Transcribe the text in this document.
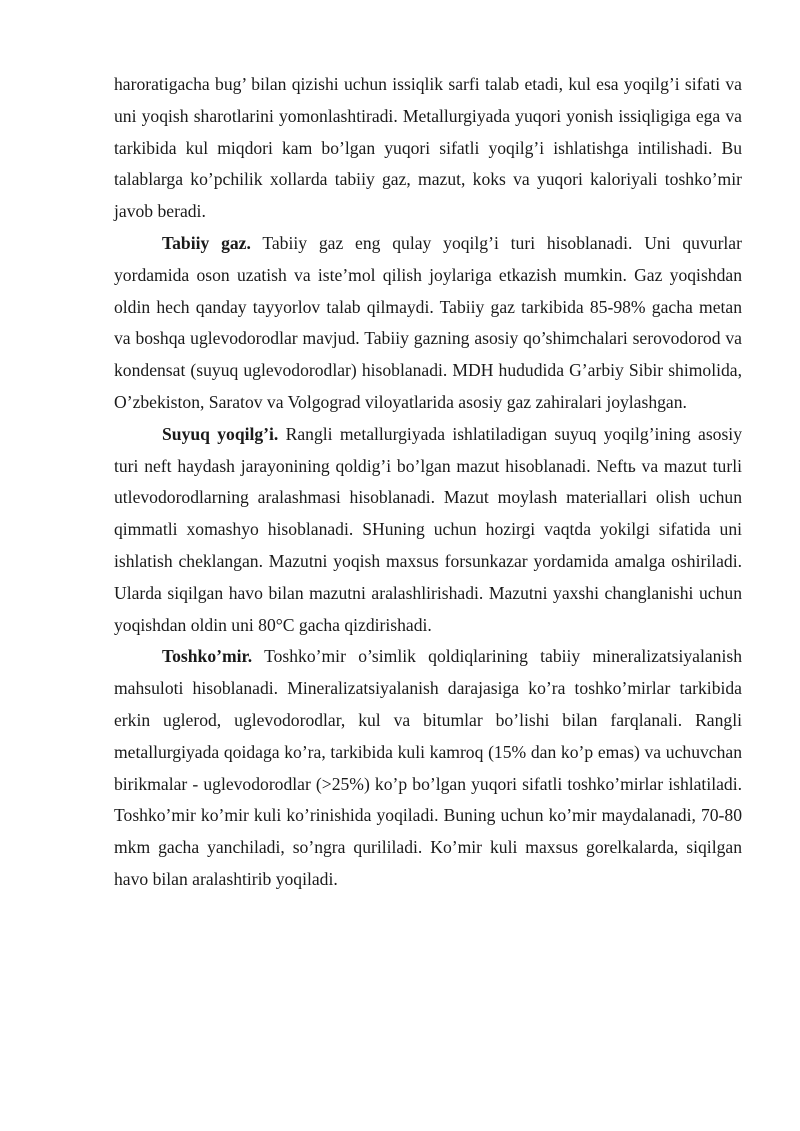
haroratigacha bug’ bilan qizishi uchun issiqlik sarfi talab etadi, kul esa yoqilg’i sifati va uni yoqish sharotlarini yomonlashtiradi. Metallurgiyada yuqori yonish issiqligiga ega va tarkibida kul miqdori kam bo’lgan yuqori sifatli yoqilg’i ishlatishga intilishadi. Bu talablarga ko’pchilik xollarda tabiiy gaz, mazut, koks va yuqori kaloriyali toshko’mir javob beradi.

Tabiiy gaz. Tabiiy gaz eng qulay yoqilg’i turi hisoblanadi. Uni quvurlar yordamida oson uzatish va iste’mol qilish joylariga etkazish mumkin. Gaz yoqishdan oldin hech qanday tayyorlov talab qilmaydi. Tabiiy gaz tarkibida 85-98% gacha metan va boshqa uglevodorodlar mavjud. Tabiiy gazning asosiy qo’shimchalari serovodorod va kondensat (suyuq uglevodorodlar) hisoblanadi. MDH hududida G’arbiy Sibir shimolida, O’zbekiston, Saratov va Volgograd viloyatlarida asosiy gaz zahiralari joylashgan.

Suyuq yoqilg’i. Rangli metallurgiyada ishlatiladigan suyuq yoqilg’ining asosiy turi neft haydash jarayonining qoldig’i bo’lgan mazut hisoblanadi. Neftь va mazut turli utlevodorodlarning aralashmasi hisoblanadi. Mazut moylash materiallari olish uchun qimmatli xomashyo hisoblanadi. SHuning uchun hozirgi vaqtda yokilgi sifatida uni ishlatish cheklangan. Mazutni yoqish maxsus forsunkazar yordamida amalga oshiriladi. Ularda siqilgan havo bilan mazutni aralashlirishadi. Mazutni yaxshi changlanishi uchun yoqishdan oldin uni 80°C gacha qizdirishadi.

Toshko’mir. Toshko’mir o’simlik qoldiqlarining tabiiy mineralizatsiyalanish mahsuloti hisoblanadi. Mineralizatsiyalanish darajasiga ko’ra toshko’mirlar tarkibida erkin uglerod, uglevodorodlar, kul va bitumlar bo’lishi bilan farqlanali. Rangli metallurgiyada qoidaga ko’ra, tarkibida kuli kamroq (15% dan ko’p emas) va uchuvchan birikmalar - uglevodorodlar (>25%) ko’p bo’lgan yuqori sifatli toshko’mirlar ishlatiladi. Toshko’mir ko’mir kuli ko’rinishida yoqiladi. Buning uchun ko’mir maydalanadi, 70-80 mkm gacha yanchiladi, so’ngra qurililadi. Ko’mir kuli maxsus gorelkalarda, siqilgan havo bilan aralashtirib yoqiladi.
